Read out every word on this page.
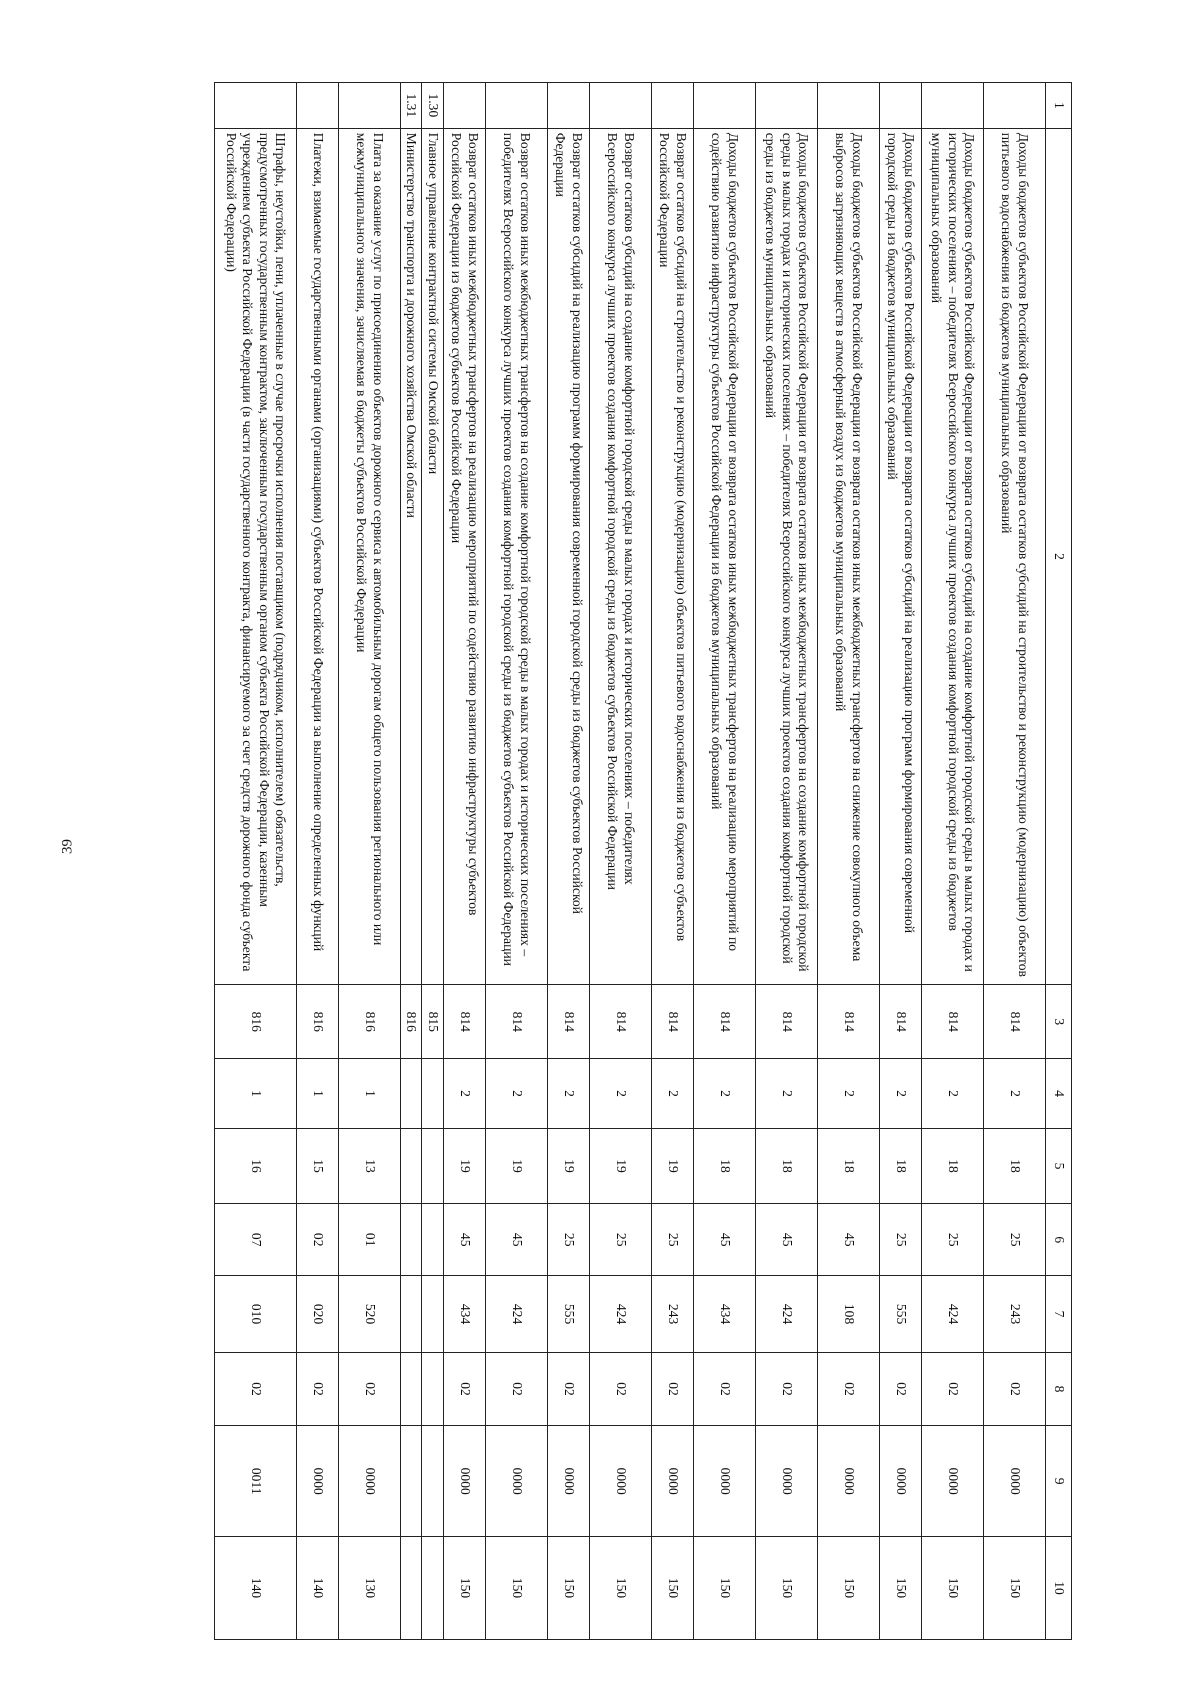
39
1	2	3	4	5	6	7	8	9	10
	Доходы бюджетов субъектов Российской Федерации от возврата остатков субсидий на строительство и реконструкцию (модернизацию) объектов питьевого водоснабжения из бюджетов муниципальных образований	814	2	18	25	243	02	0000	150
	Доходы бюджетов субъектов Российской Федерации от возврата остатков субсидий на создание комфортной городской среды в малых городах и исторических поселениях – победителях Всероссийского конкурса лучших проектов создания комфортной городской среды из бюджетов муниципальных образований	814	2	18	25	424	02	0000	150
	Доходы бюджетов субъектов Российской Федерации от возврата остатков субсидий на реализацию программ формирования современной городской среды из бюджетов муниципальных образований	814	2	18	25	555	02	0000	150
	Доходы бюджетов субъектов Российской Федерации от возврата остатков иных межбюджетных трансфертов на снижение совокупного объема выбросов загрязняющих веществ в атмосферный воздух из бюджетов муниципальных образований	814	2	18	45	108	02	0000	150
	Доходы бюджетов субъектов Российской Федерации от возврата остатков иных межбюджетных трансфертов на создание комфортной городской среды в малых городах и исторических поселениях – победителях Всероссийского конкурса лучших проектов создания комфортной городской среды из бюджетов муниципальных образований	814	2	18	45	424	02	0000	150
	Доходы бюджетов субъектов Российской Федерации от возврата остатков иных межбюджетных трансфертов на реализацию мероприятий по содействию развитию инфраструктуры субъектов Российской Федерации из бюджетов муниципальных образований	814	2	18	45	434	02	0000	150
	Возврат остатков субсидий на строительство и реконструкцию (модернизацию) объектов питьевого водоснабжения из бюджетов субъектов Российской Федерации	814	2	19	25	243	02	0000	150
	Возврат остатков субсидий на создание комфортной городской среды в малых городах и исторических поселениях – победителях Всероссийского конкурса лучших проектов создания комфортной городской среды из бюджетов субъектов Российской Федерации	814	2	19	25	424	02	0000	150
	Возврат остатков субсидий на реализацию программ формирования современной городской среды из бюджетов субъектов Российской Федерации	814	2	19	25	555	02	0000	150
	Возврат остатков иных межбюджетных трансфертов на создание комфортной городской среды в малых городах и исторических поселениях – победителях Всероссийского конкурса лучших проектов создания комфортной городской среды из бюджетов субъектов Российской Федерации	814	2	19	45	424	02	0000	150
	Возврат остатков иных межбюджетных трансфертов на реализацию мероприятий по содействию развитию инфраструктуры субъектов Российской Федерации из бюджетов субъектов Российской Федерации	814	2	19	45	434	02	0000	150
1.30	Главное управление контрактной системы Омской области	815							
1.31	Министерство транспорта и дорожного хозяйства Омской области	816							
	Плата за оказание услуг по присоединению объектов дорожного сервиса к автомобильным дорогам общего пользования регионального или межмуниципального значения, зачисляемая в бюджеты субъектов Российской Федерации	816	1	13	01	520	02	0000	130
	Платежи, взимаемые государственными органами (организациями) субъектов Российской Федерации за выполнение определенных функций	816	1	15	02	020	02	0000	140
	Штрафы, неустойки, пени, уплаченные в случае просрочки исполнения поставщиком (подрядчиком, исполнителем) обязательств, предусмотренных государственным контрактом, заключенным государственным органом субъекта Российской Федерации, казенным учреждением субъекта Российской Федерации (в части государственного контракта, финансируемого за счет средств дорожного фонда субъекта Российской Федерации)	816	1	16	07	010	02	0011	140
